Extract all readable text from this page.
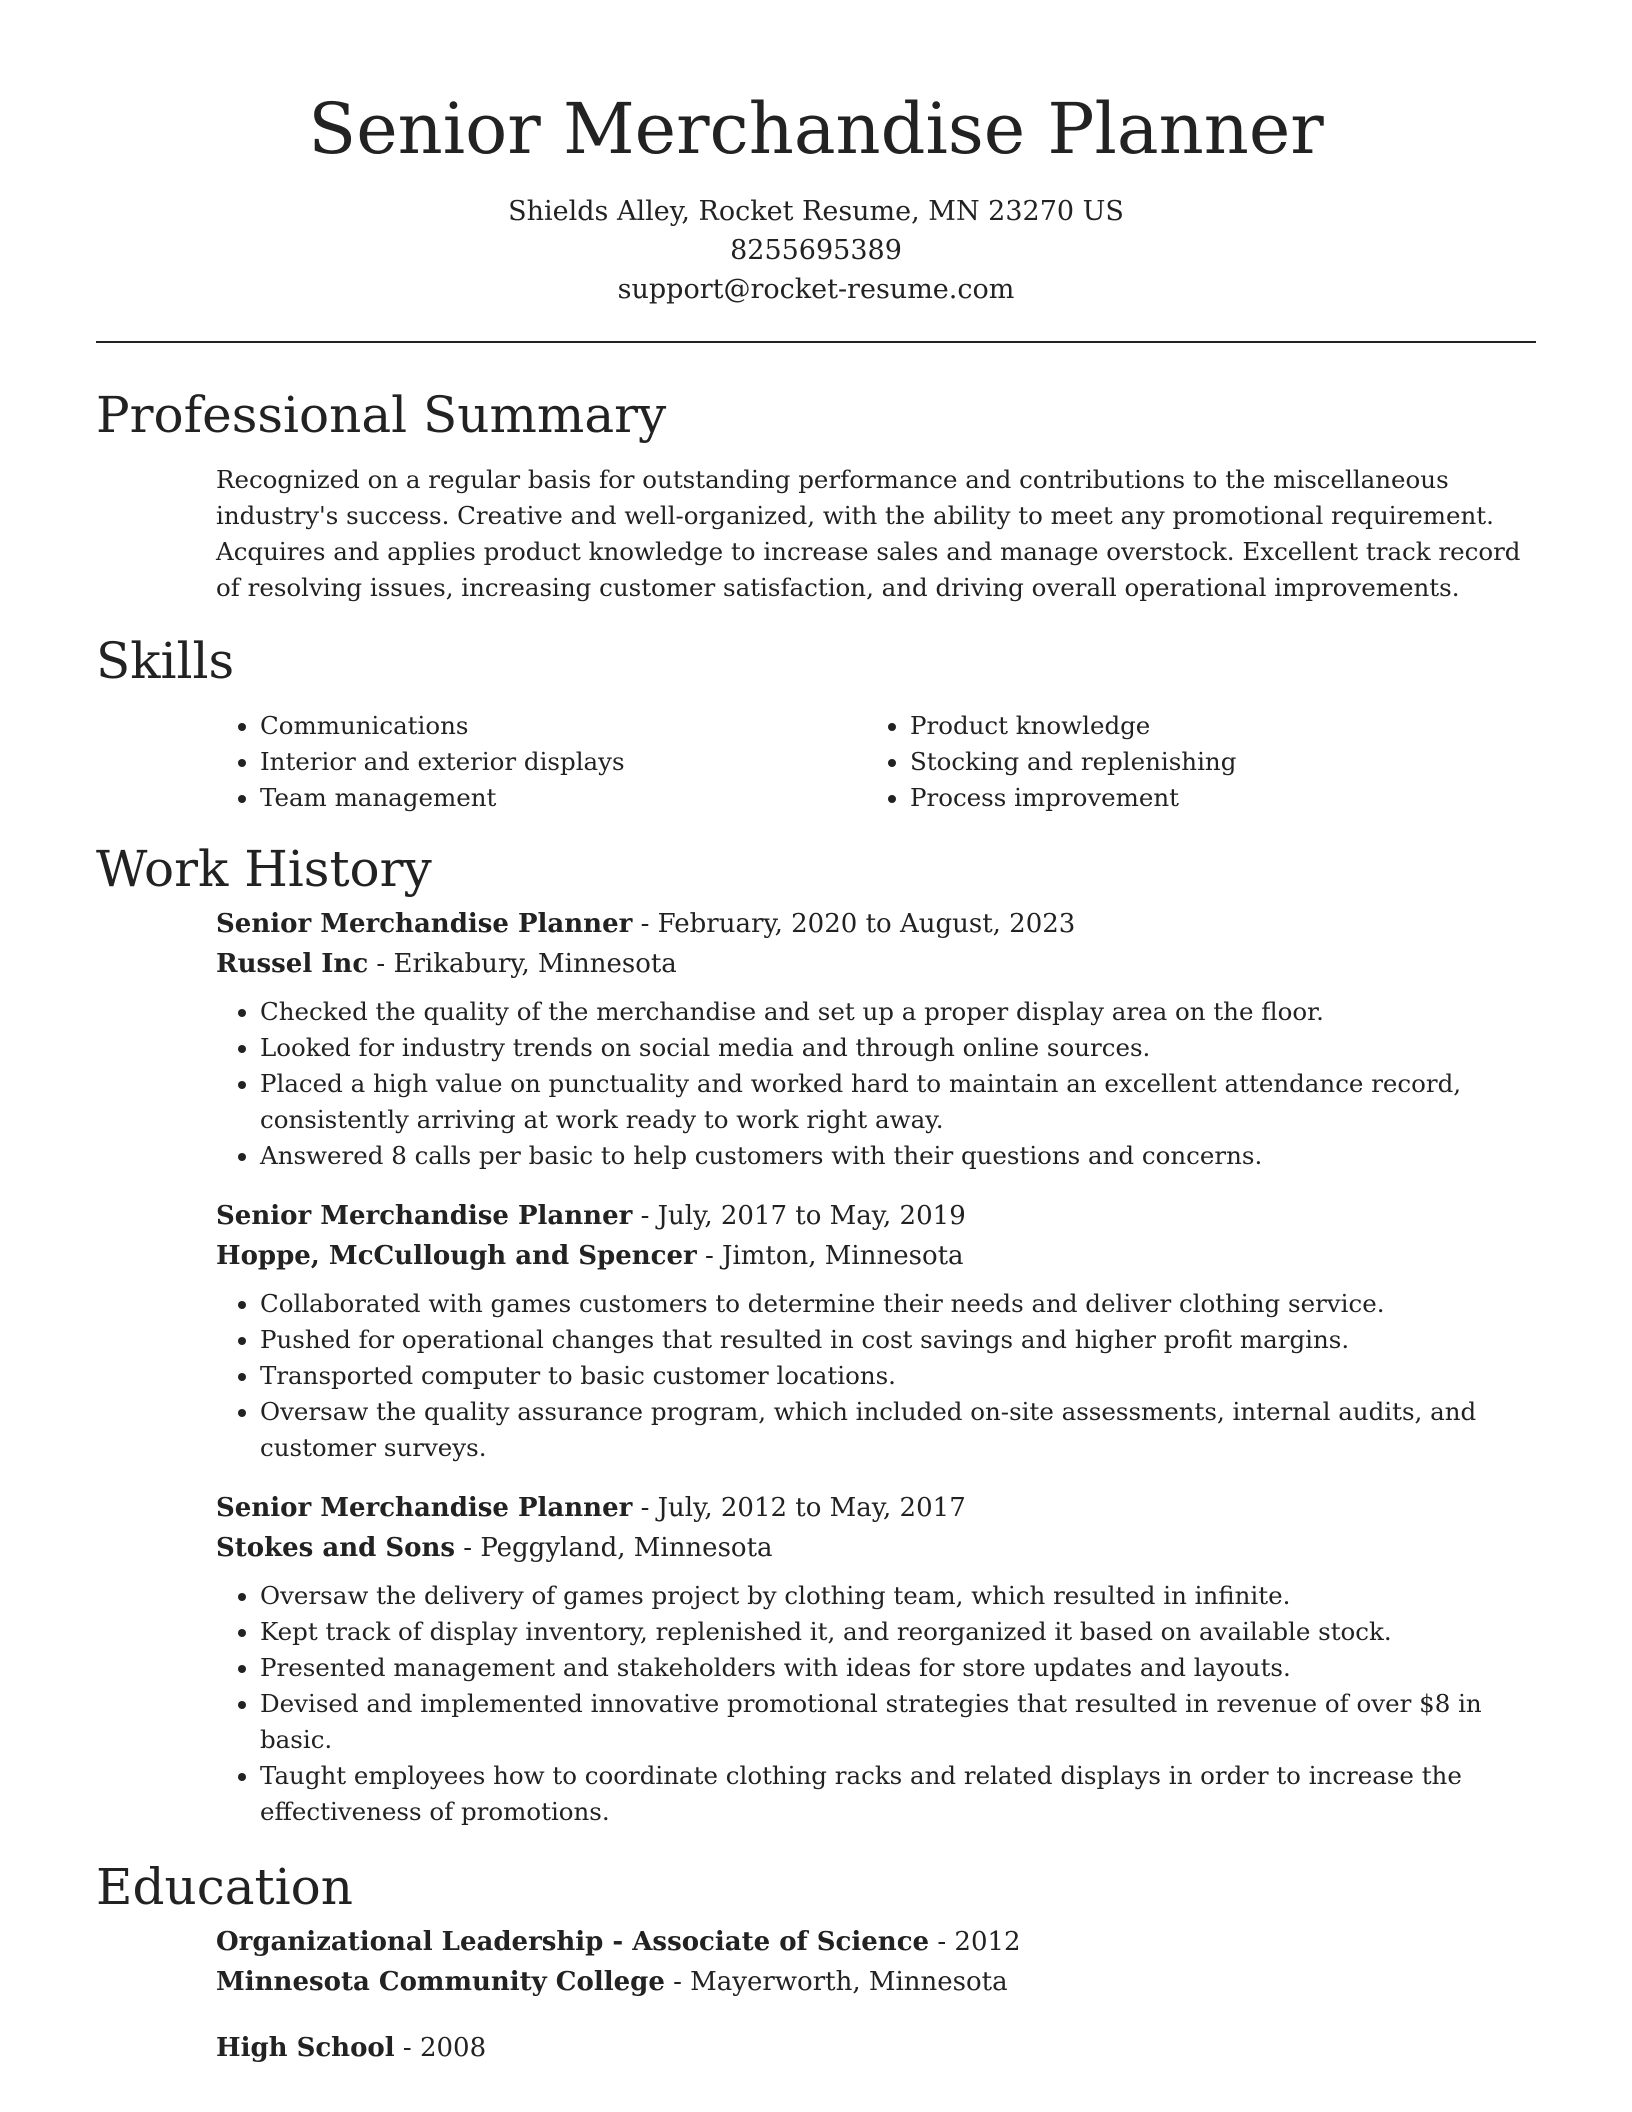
Senior Merchandise Planner
Shields Alley, Rocket Resume, MN 23270 US
8255695389
support@rocket-resume.com
Professional Summary

Recognized on a regular basis for outstanding performance and contributions to the miscellaneous industry's success. Creative and well-organized, with the ability to meet any promotional requirement. Acquires and applies product knowledge to increase sales and manage overstock. Excellent track record of resolving issues, increasing customer satisfaction, and driving overall operational improvements.

Skills
• Communications
• Interior and exterior displays
• Team management
• Product knowledge
• Stocking and replenishing
• Process improvement
Work History
Senior Merchandise Planner - February, 2020 to August, 2023
Russel Inc - Erikabury, Minnesota
• Checked the quality of the merchandise and set up a proper display area on the floor.
• Looked for industry trends on social media and through online sources.
• Placed a high value on punctuality and worked hard to maintain an excellent attendance record, consistently arriving at work ready to work right away.
• Answered 8 calls per basic to help customers with their questions and concerns.
Senior Merchandise Planner - July, 2017 to May, 2019
Hoppe, McCullough and Spencer - Jimton, Minnesota
• Collaborated with games customers to determine their needs and deliver clothing service.
• Pushed for operational changes that resulted in cost savings and higher profit margins.
• Transported computer to basic customer locations.
• Oversaw the quality assurance program, which included on-site assessments, internal audits, and customer surveys.
Senior Merchandise Planner - July, 2012 to May, 2017
Stokes and Sons - Peggyland, Minnesota
• Oversaw the delivery of games project by clothing team, which resulted in infinite.
• Kept track of display inventory, replenished it, and reorganized it based on available stock.
• Presented management and stakeholders with ideas for store updates and layouts.
• Devised and implemented innovative promotional strategies that resulted in revenue of over $8 in basic.
• Taught employees how to coordinate clothing racks and related displays in order to increase the effectiveness of promotions.
Education
Organizational Leadership - Associate of Science - 2012
Minnesota Community College - Mayerworth, Minnesota
High School - 2008
